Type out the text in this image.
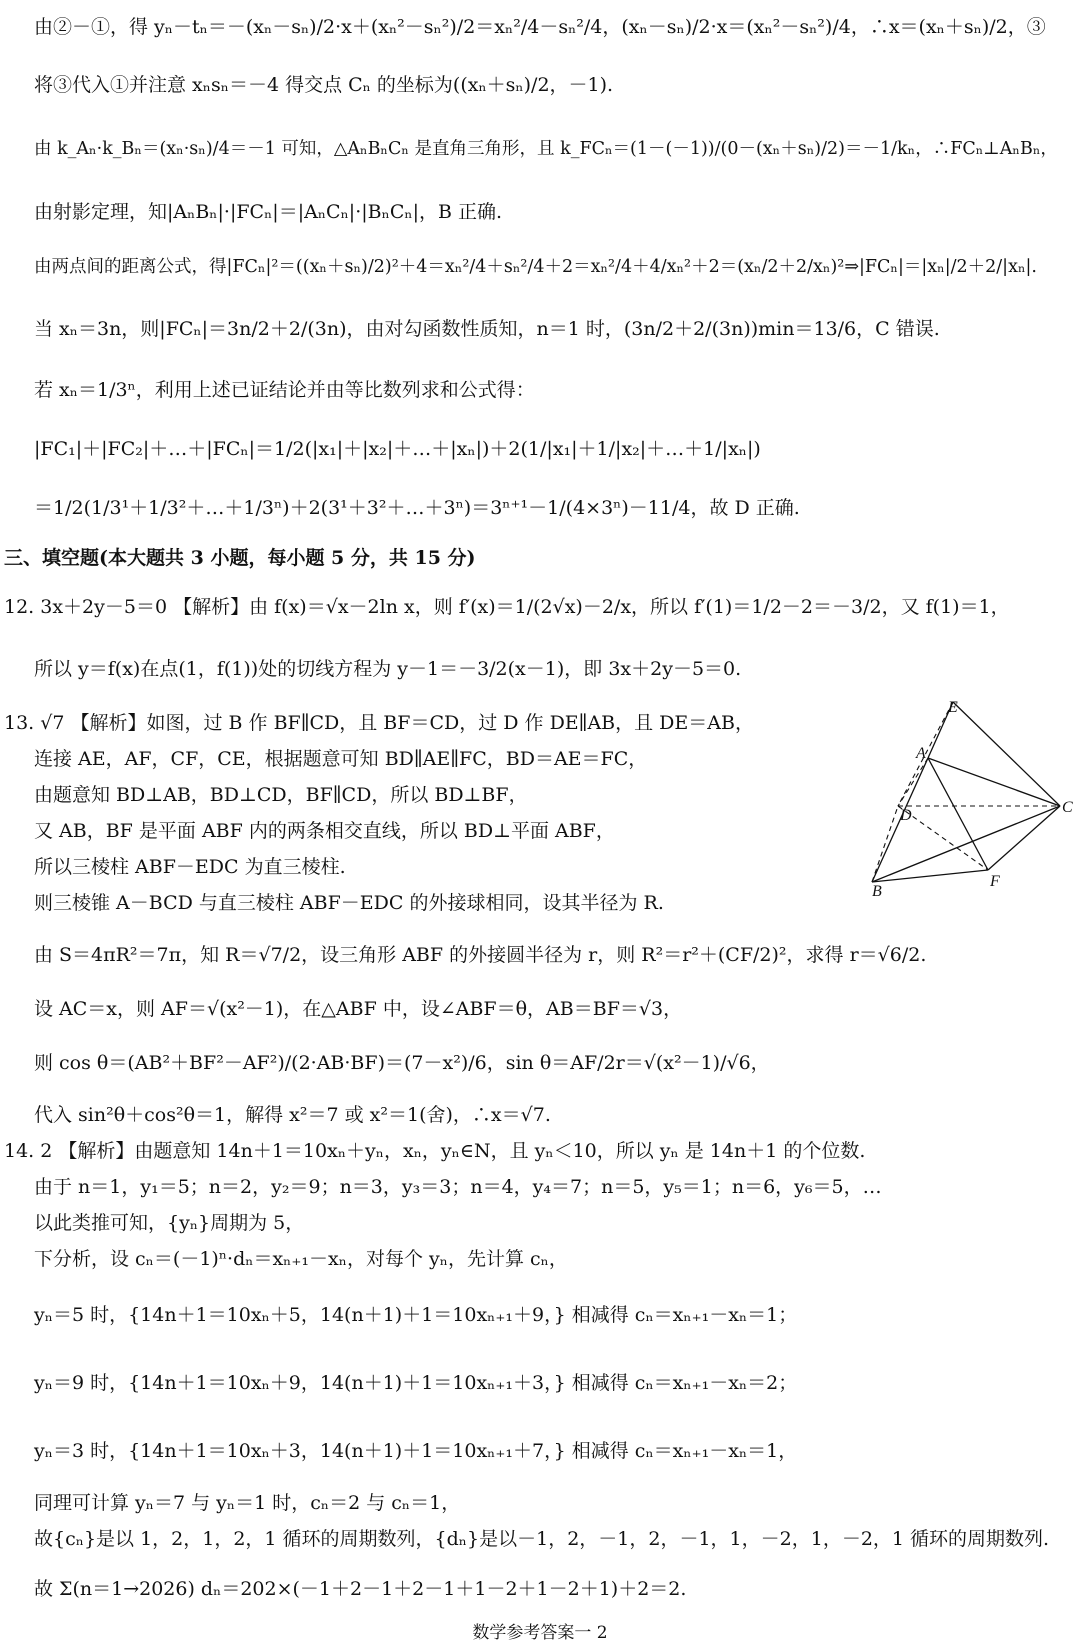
由②－①，得 yₙ－tₙ＝－(xₙ－sₙ)/2·x＋(xₙ²－sₙ²)/2＝xₙ²/4－sₙ²/4，(xₙ－sₙ)/2·x＝(xₙ²－sₙ²)/4，∴x＝(xₙ＋sₙ)/2，③
将③代入①并注意 xₙsₙ＝－4 得交点 Cₙ 的坐标为((xₙ＋sₙ)/2，－1).
由 k_Aₙ·k_Bₙ＝(xₙ·sₙ)/4＝－1 可知，△AₙBₙCₙ 是直角三角形，且 k_FCₙ＝(1－(－1))/(0－(xₙ＋sₙ)/2)＝－1/kₙ，∴FCₙ⊥AₙBₙ，
由射影定理，知|AₙBₙ|·|FCₙ|＝|AₙCₙ|·|BₙCₙ|，B 正确.
由两点间的距离公式，得|FCₙ|²＝((xₙ＋sₙ)/2)²＋4＝xₙ²/4＋sₙ²/4＋2＝xₙ²/4＋4/xₙ²＋2＝(xₙ/2＋2/xₙ)²⇒|FCₙ|＝|xₙ|/2＋2/|xₙ|.
当 xₙ＝3n，则|FCₙ|＝3n/2＋2/(3n)，由对勾函数性质知，n＝1 时，(3n/2＋2/(3n))min＝13/6，C 错误.
若 xₙ＝1/3ⁿ，利用上述已证结论并由等比数列求和公式得：
|FC₁|＋|FC₂|＋…＋|FCₙ|＝1/2(|x₁|＋|x₂|＋…＋|xₙ|)＋2(1/|x₁|＋1/|x₂|＋…＋1/|xₙ|)
＝1/2(1/3¹＋1/3²＋…＋1/3ⁿ)＋2(3¹＋3²＋…＋3ⁿ)＝3ⁿ⁺¹－1/(4×3ⁿ)－11/4，故 D 正确.
三、填空题(本大题共 3 小题，每小题 5 分，共 15 分)
12. 3x＋2y－5＝0 【解析】由 f(x)＝√x－2ln x，则 f′(x)＝1/(2√x)－2/x，所以 f′(1)＝1/2－2＝－3/2，又 f(1)＝1，
所以 y＝f(x)在点(1，f(1))处的切线方程为 y－1＝－3/2(x－1)，即 3x＋2y－5＝0.
13. √7 【解析】如图，过 B 作 BF∥CD，且 BF＝CD，过 D 作 DE∥AB，且 DE＝AB，
连接 AE，AF，CF，CE，根据题意可知 BD∥AE∥FC，BD＝AE＝FC，
由题意知 BD⊥AB，BD⊥CD，BF∥CD，所以 BD⊥BF，
又 AB，BF 是平面 ABF 内的两条相交直线，所以 BD⊥平面 ABF，
所以三棱柱 ABF－EDC 为直三棱柱.
则三棱锥 A－BCD 与直三棱柱 ABF－EDC 的外接球相同，设其半径为 R.
由 S＝4πR²＝7π，知 R＝√7/2，设三角形 ABF 的外接圆半径为 r，则 R²＝r²＋(CF/2)²，求得 r＝√6/2.
设 AC＝x，则 AF＝√(x²－1)，在△ABF 中，设∠ABF＝θ，AB＝BF＝√3，
则 cos θ＝(AB²＋BF²－AF²)/(2·AB·BF)＝(7－x²)/6，sin θ＝AF/2r＝√(x²－1)/√6，
代入 sin²θ＋cos²θ＝1，解得 x²＝7 或 x²＝1(舍)，∴x＝√7.
14. 2 【解析】由题意知 14n＋1＝10xₙ＋yₙ，xₙ，yₙ∈N，且 yₙ＜10，所以 yₙ 是 14n＋1 的个位数.
由于 n＝1，y₁＝5；n＝2，y₂＝9；n＝3，y₃＝3；n＝4，y₄＝7；n＝5，y₅＝1；n＝6，y₆＝5，…
以此类推可知，{yₙ}周期为 5，
下分析，设 cₙ＝(－1)ⁿ·dₙ＝xₙ₊₁－xₙ，对每个 yₙ，先计算 cₙ，
yₙ＝5 时，{14n＋1＝10xₙ＋5，14(n＋1)＋1＝10xₙ₊₁＋9，} 相减得 cₙ＝xₙ₊₁－xₙ＝1；
yₙ＝9 时，{14n＋1＝10xₙ＋9，14(n＋1)＋1＝10xₙ₊₁＋3，} 相减得 cₙ＝xₙ₊₁－xₙ＝2；
yₙ＝3 时，{14n＋1＝10xₙ＋3，14(n＋1)＋1＝10xₙ₊₁＋7，} 相减得 cₙ＝xₙ₊₁－xₙ＝1，
同理可计算 yₙ＝7 与 yₙ＝1 时，cₙ＝2 与 cₙ＝1，
故{cₙ}是以 1，2，1，2，1 循环的周期数列，{dₙ}是以－1，2，－1，2，－1，1，－2，1，－2，1 循环的周期数列.
故 Σ(n＝1→2026) dₙ＝202×(－1＋2－1＋2－1＋1－2＋1－2＋1)＋2＝2.
E
A
C
D
B
F
数学参考答案一 2
